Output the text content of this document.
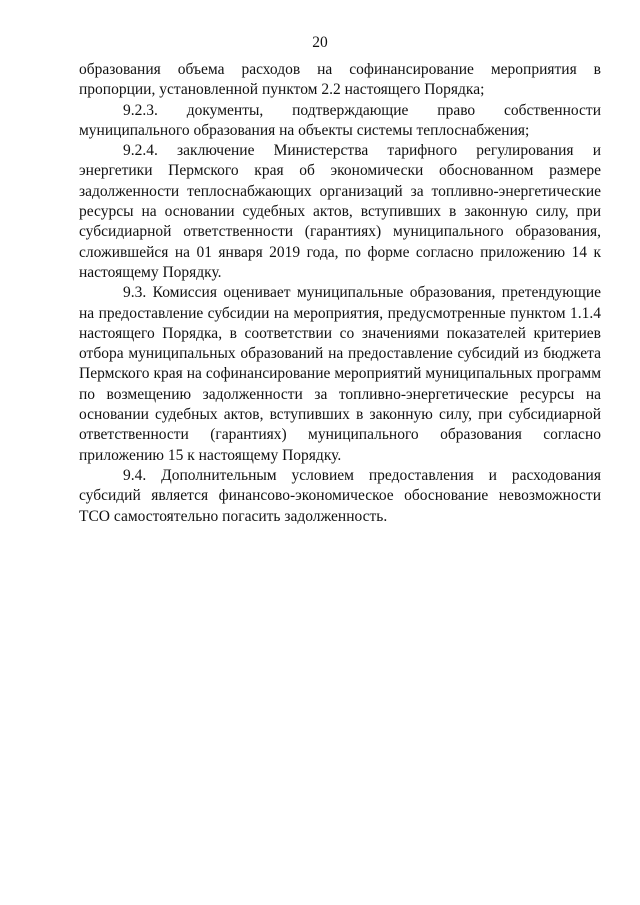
20

образования объема расходов на софинансирование мероприятия в пропорции, установленной пунктом 2.2 настоящего Порядка;

9.2.3. документы, подтверждающие право собственности муниципального образования на объекты системы теплоснабжения;

9.2.4. заключение Министерства тарифного регулирования и энергетики Пермского края об экономически обоснованном размере задолженности теплоснабжающих организаций за топливно-энергетические ресурсы на основании судебных актов, вступивших в законную силу, при субсидиарной ответственности (гарантиях) муниципального образования, сложившейся на 01 января 2019 года, по форме согласно приложению 14 к настоящему Порядку.

9.3. Комиссия оценивает муниципальные образования, претендующие на предоставление субсидии на мероприятия, предусмотренные пунктом 1.1.4 настоящего Порядка, в соответствии со значениями показателей критериев отбора муниципальных образований на предоставление субсидий из бюджета Пермского края на софинансирование мероприятий муниципальных программ по возмещению задолженности за топливно-энергетические ресурсы на основании судебных актов, вступивших в законную силу, при субсидиарной ответственности (гарантиях) муниципального образования согласно приложению 15 к настоящему Порядку.

9.4. Дополнительным условием предоставления и расходования субсидий является финансово-экономическое обоснование невозможности ТСО самостоятельно погасить задолженность.
